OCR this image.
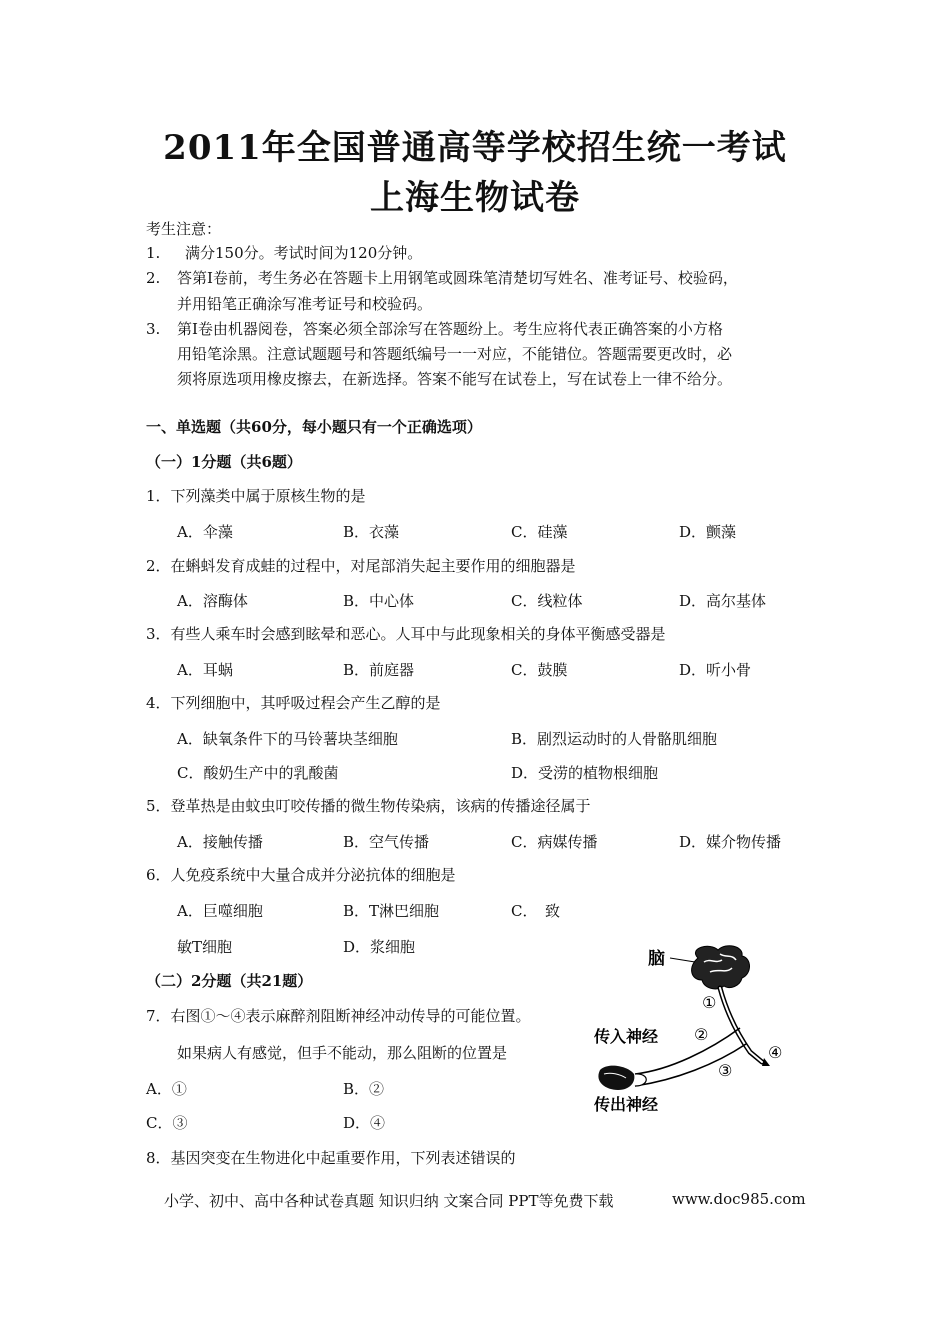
2011年全国普通高等学校招生统一考试
上海生物试卷
考生注意：
1. 满分150分。考试时间为120分钟。
2. 答第Ⅰ卷前，考生务必在答题卡上用钢笔或圆珠笔清楚切写姓名、准考证号、校验码，
并用铅笔正确涂写准考证号和校验码。
3. 第Ⅰ卷由机器阅卷，答案必须全部涂写在答题纷上。考生应将代表正确答案的小方格
用铅笔涂黑。注意试题题号和答题纸编号一一对应，不能错位。答题需要更改时，必
须将原选项用橡皮擦去，在新选择。答案不能写在试卷上，写在试卷上一律不给分。
一、单选题（共60分，每小题只有一个正确选项）
（一）1分题（共6题）
1．下列藻类中属于原核生物的是
A．伞藻	B．衣藻	C．硅藻	D．颤藻
2．在蝌蚪发育成蛙的过程中，对尾部消失起主要作用的细胞器是
A．溶酶体	B．中心体	C．线粒体	D．高尔基体
3．有些人乘车时会感到眩晕和恶心。人耳中与此现象相关的身体平衡感受器是
A．耳蜗	B．前庭器	C．鼓膜	D．听小骨
4．下列细胞中，其呼吸过程会产生乙醇的是
A．缺氧条件下的马铃薯块茎细胞	B．剧烈运动时的人骨骼肌细胞
C．酸奶生产中的乳酸菌	D．受涝的植物根细胞
5．登革热是由蚊虫叮咬传播的微生物传染病，该病的传播途径属于
A．接触传播	B．空气传播	C．病媒传播	D．媒介物传播
6．人免疫系统中大量合成并分泌抗体的细胞是
A．巨噬细胞	B．T淋巴细胞	C．　致
敏T细胞	D．浆细胞
（二）2分题（共21题）
7．右图①～④表示麻醉剂阻断神经冲动传导的可能位置。
如果病人有感觉，但手不能动，那么阻断的位置是
A．①	B．②
C．③	D．④
8．基因突变在生物进化中起重要作用，下列表述错误的
脑
①
传入神经 ②
④
③
传出神经
小学、初中、高中各种试卷真题 知识归纳 文案合同 PPT等免费下载	www.doc985.com
